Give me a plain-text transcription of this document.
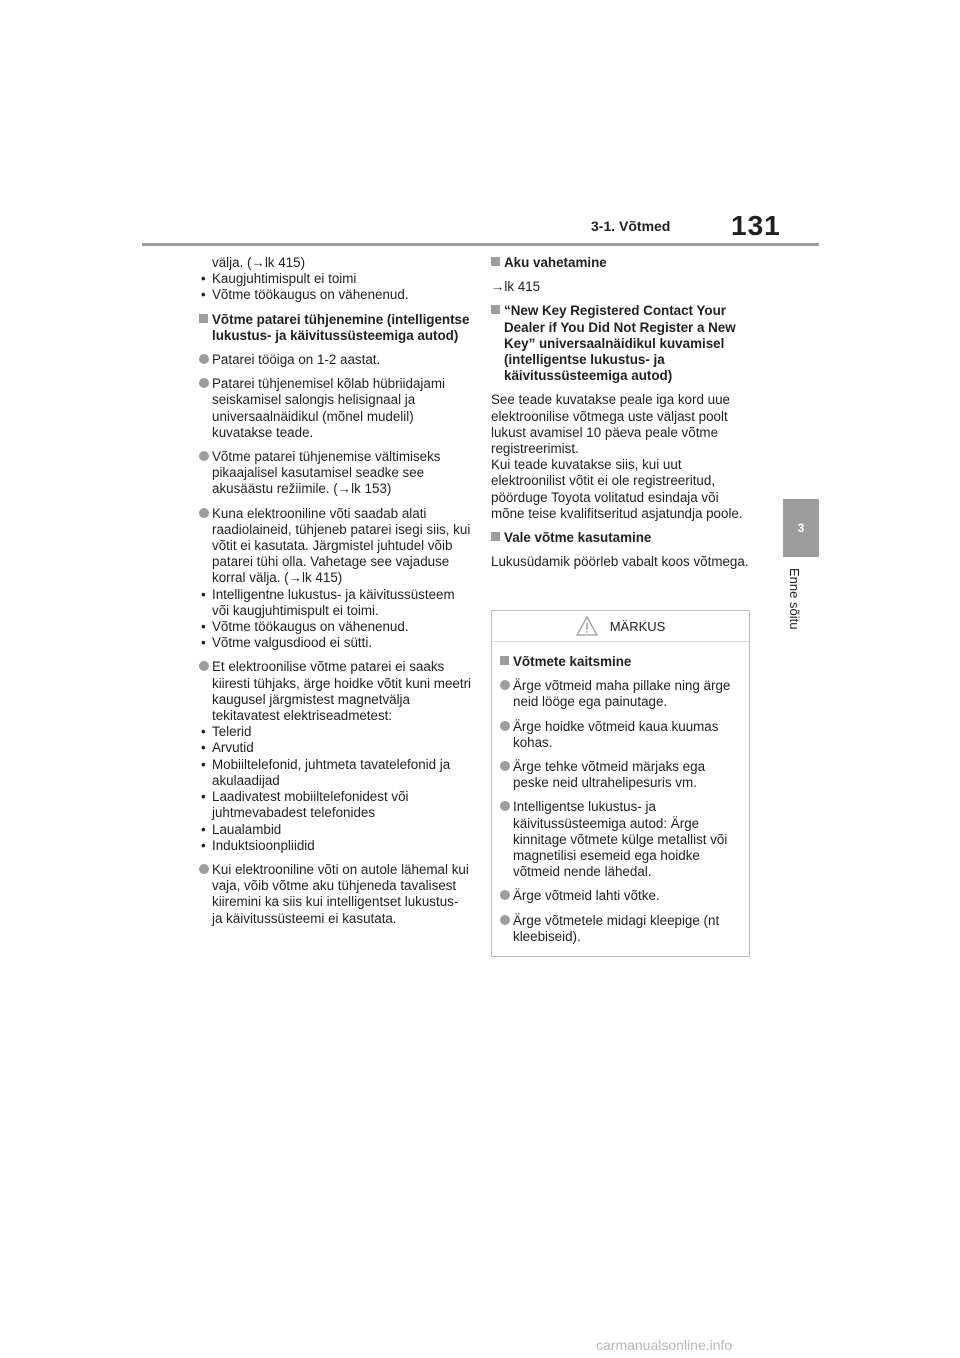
3-1. Võtmed 131
3
Enne sõitu

välja. (→lk 415)

• Kaugjuhtimispult ei toimi
• Võtme töökaugus on vähenenud.
Võtme patarei tühjenemine (intelligentse lukustus- ja käivitussüsteemiga autod)
Patarei tööiga on 1-2 aastat.
Patarei tühjenemisel kõlab hübriidajami seiskamisel salongis helisignaal ja universaalnäidikul (mõnel mudelil) kuvatakse teade.
Võtme patarei tühjenemise vältimiseks pikaajalisel kasutamisel seadke see akusäästu režiimile. (→lk 153)
Kuna elektrooniline võti saadab alati raadiolaineid, tühjeneb patarei isegi siis, kui võtit ei kasutata. Järgmistel juhtudel võib patarei tühi olla. Vahetage see vajaduse korral välja. (→lk 415)
• Intelligentne lukustus- ja käivitussüsteem või kaugjuhtimispult ei toimi.
• Võtme töökaugus on vähenenud.
• Võtme valgusdiood ei sütti.
Et elektroonilise võtme patarei ei saaks kiiresti tühjaks, ärge hoidke võtit kuni meetri kaugusel järgmistest magnetvälja tekitavatest elektriseadmetest:
• Telerid
• Arvutid
• Mobiiltelefonid, juhtmeta tavatelefonid ja akulaadijad
• Laadivatest mobiiltelefonidest või juhtmevabadest telefonides
• Laualambid
• Induktsioonpliidid
Kui elektrooniline võti on autole lähemal kui vaja, võib võtme aku tühjeneda tavalisest kiiremini ka siis kui intelligentset lukustus- ja käivitussüsteemi ei kasutata.
Aku vahetamine

→lk 415

“New Key Registered Contact Your Dealer if You Did Not Register a New Key” universaalnäidikul kuvamisel (intelligentse lukustus- ja käivitussüsteemiga autod)

See teade kuvatakse peale iga kord uue elektroonilise võtmega uste väljast poolt lukust avamisel 10 päeva peale võtme registreerimist.

Kui teade kuvatakse siis, kui uut elektroonilist võtit ei ole registreeritud, pöörduge Toyota volitatud esindaja või mõne teise kvalifitseritud asjatundja poole.

Vale võtme kasutamine

Lukusüdamik pöörleb vabalt koos võtmega.

MÄRKUS
Võtmete kaitsmine
Ärge võtmeid maha pillake ning ärge neid lööge ega painutage.
Ärge hoidke võtmeid kaua kuumas kohas.
Ärge tehke võtmeid märjaks ega peske neid ultrahelipesuris vm.
Intelligentse lukustus- ja käivitussüsteemiga autod: Ärge kinnitage võtmete külge metallist või magnetilisi esemeid ega hoidke võtmeid nende lähedal.
Ärge võtmeid lahti võtke.
Ärge võtmetele midagi kleepige (nt kleebiseid).
carmanualsonline.info
